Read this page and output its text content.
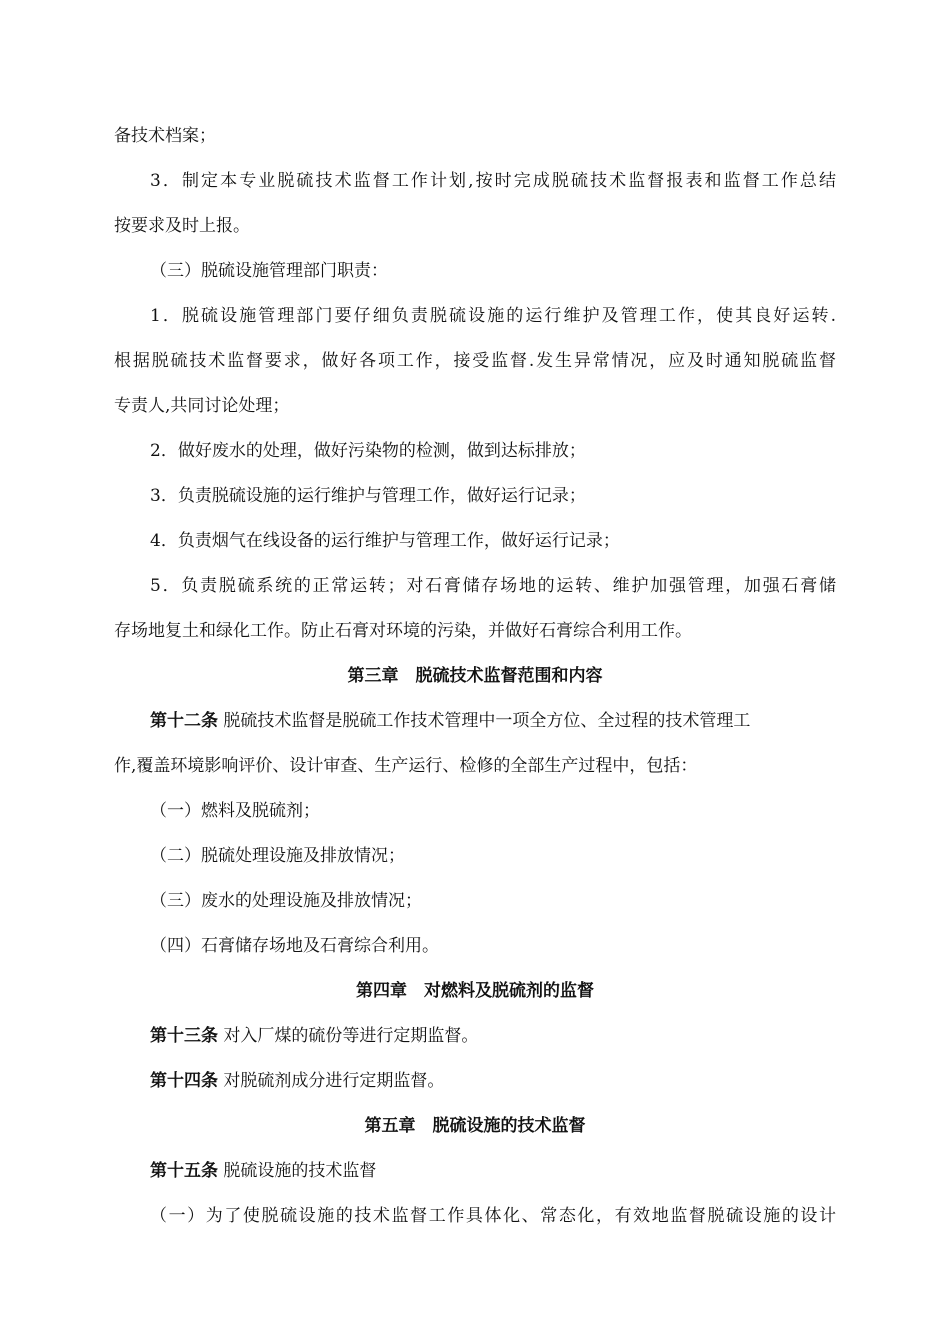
备技术档案；
3．制定本专业脱硫技术监督工作计划,按时完成脱硫技术监督报表和监督工作总结
按要求及时上报。
（三）脱硫设施管理部门职责：
1．脱硫设施管理部门要仔细负责脱硫设施的运行维护及管理工作，使其良好运转.
根据脱硫技术监督要求，做好各项工作，接受监督.发生异常情况，应及时通知脱硫监督
专责人,共同讨论处理；
2．做好废水的处理，做好污染物的检测，做到达标排放；
3．负责脱硫设施的运行维护与管理工作，做好运行记录；
4．负责烟气在线设备的运行维护与管理工作，做好运行记录；
5．负责脱硫系统的正常运转；对石膏储存场地的运转、维护加强管理，加强石膏储
存场地复土和绿化工作。防止石膏对环境的污染，并做好石膏综合利用工作。
第三章　脱硫技术监督范围和内容
第十二条 脱硫技术监督是脱硫工作技术管理中一项全方位、全过程的技术管理工
作,覆盖环境影响评价、设计审查、生产运行、检修的全部生产过程中，包括：
（一）燃料及脱硫剂；
（二）脱硫处理设施及排放情况；
（三）废水的处理设施及排放情况；
（四）石膏储存场地及石膏综合利用。
第四章　对燃料及脱硫剂的监督
第十三条 对入厂煤的硫份等进行定期监督。
第十四条 对脱硫剂成分进行定期监督。
第五章　脱硫设施的技术监督
第十五条 脱硫设施的技术监督
（一）为了使脱硫设施的技术监督工作具体化、常态化，有效地监督脱硫设施的设计
